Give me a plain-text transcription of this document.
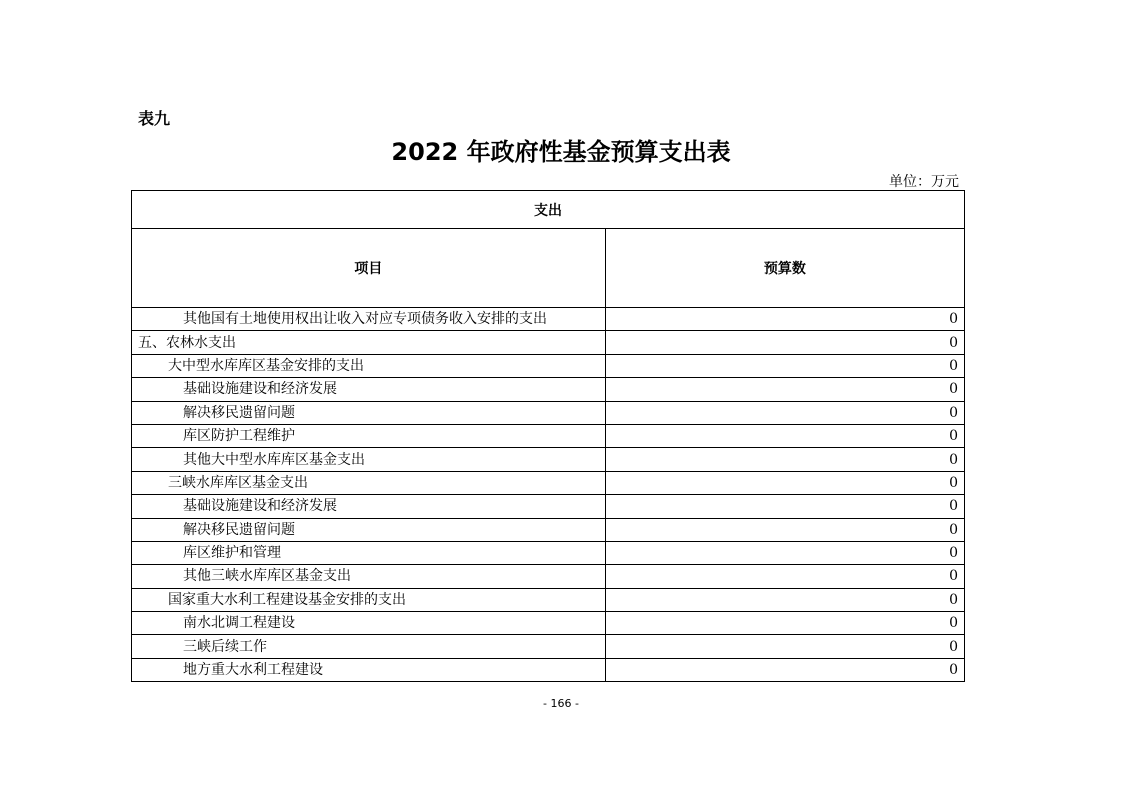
表九
2022 年政府性基金预算支出表
单位：万元
支出	
项目	预算数
其他国有土地使用权出让收入对应专项债务收入安排的支出	0
五、农林水支出	0
大中型水库库区基金安排的支出	0
基础设施建设和经济发展	0
解决移民遗留问题	0
库区防护工程维护	0
其他大中型水库库区基金支出	0
三峡水库库区基金支出	0
基础设施建设和经济发展	0
解决移民遗留问题	0
库区维护和管理	0
其他三峡水库库区基金支出	0
国家重大水利工程建设基金安排的支出	0
南水北调工程建设	0
三峡后续工作	0
地方重大水利工程建设	0
- 166 -
